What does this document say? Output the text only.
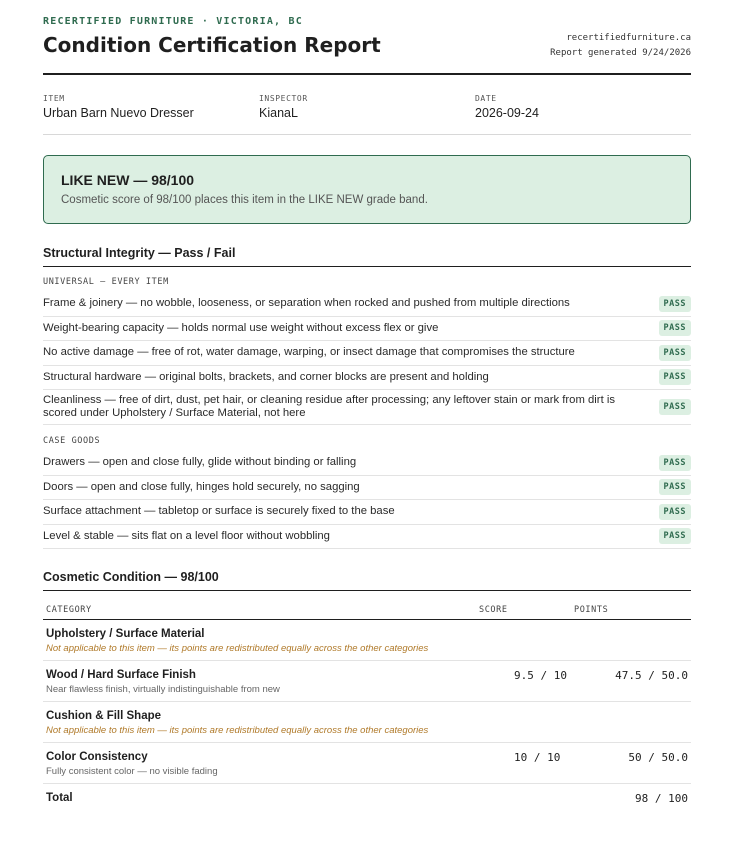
RECERTIFIED FURNITURE · VICTORIA, BC
Condition Certification Report	recertifiedfurniture.ca
Report generated 9/24/2026
ITEM
Urban Barn Nuevo Dresser
INSPECTOR
KianaL
DATE
2026-09-24
LIKE NEW — 98/100
Cosmetic score of 98/100 places this item in the LIKE NEW grade band.
Structural Integrity — Pass / Fail
UNIVERSAL — EVERY ITEM
Frame & joinery — no wobble, looseness, or separation when rocked and pushed from multiple directions	PASS
Weight-bearing capacity — holds normal use weight without excess flex or give	PASS
No active damage — free of rot, water damage, warping, or insect damage that compromises the structure	PASS
Structural hardware — original bolts, brackets, and corner blocks are present and holding	PASS
Cleanliness — free of dirt, dust, pet hair, or cleaning residue after processing; any leftover stain or mark from dirt is scored under Upholstery / Surface Material, not here	PASS
CASE GOODS
Drawers — open and close fully, glide without binding or falling	PASS
Doors — open and close fully, hinges hold securely, no sagging	PASS
Surface attachment — tabletop or surface is securely fixed to the base	PASS
Level & stable — sits flat on a level floor without wobbling	PASS
Cosmetic Condition — 98/100
CATEGORY	SCORE	POINTS

Upholstery / Surface Material
Not applicable to this item — its points are redistributed equally across the other categories		

Wood / Hard Surface Finish
Near flawless finish, virtually indistinguishable from new	9.5 / 10	47.5 / 50.0

Cushion & Fill Shape
Not applicable to this item — its points are redistributed equally across the other categories		

Color Consistency
Fully consistent color — no visible fading	10 / 10	50 / 50.0
Total		98 / 100
